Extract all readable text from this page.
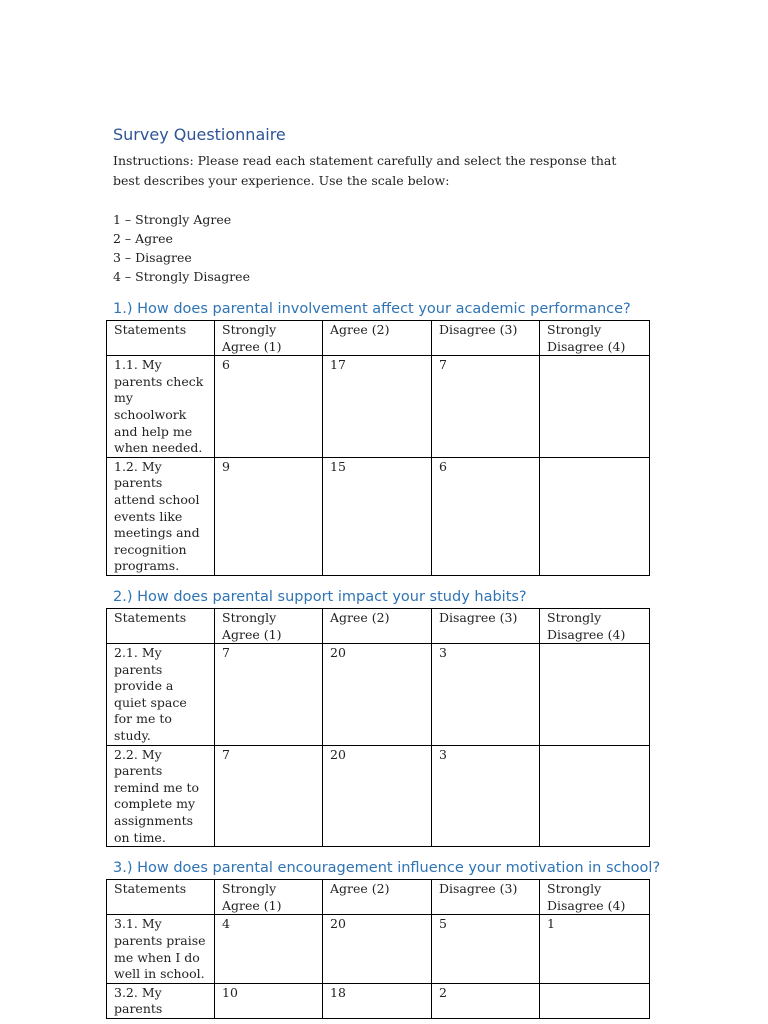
Survey Questionnaire

Instructions: Please read each statement carefully and select the response that best describes your experience. Use the scale below:

1 – Strongly Agree
2 – Agree
3 – Disagree
4 – Strongly Disagree
1.) How does parental involvement affect your academic performance?
Statements	Strongly Agree (1)	Agree (2)	Disagree (3)	Strongly Disagree (4)
1.1. My parents check my schoolwork and help me when needed.	6	17	7	
1.2. My parents attend school events like meetings and recognition programs.	9	15	6	
2.) How does parental support impact your study habits?
Statements	Strongly Agree (1)	Agree (2)	Disagree (3)	Strongly Disagree (4)
2.1. My parents provide a quiet space for me to study.	7	20	3	
2.2. My parents remind me to complete my assignments on time.	7	20	3	
3.) How does parental encouragement influence your motivation in school?
Statements	Strongly Agree (1)	Agree (2)	Disagree (3)	Strongly Disagree (4)
3.1. My parents praise me when I do well in school.	4	20	5	1
3.2. My parents	10	18	2	
